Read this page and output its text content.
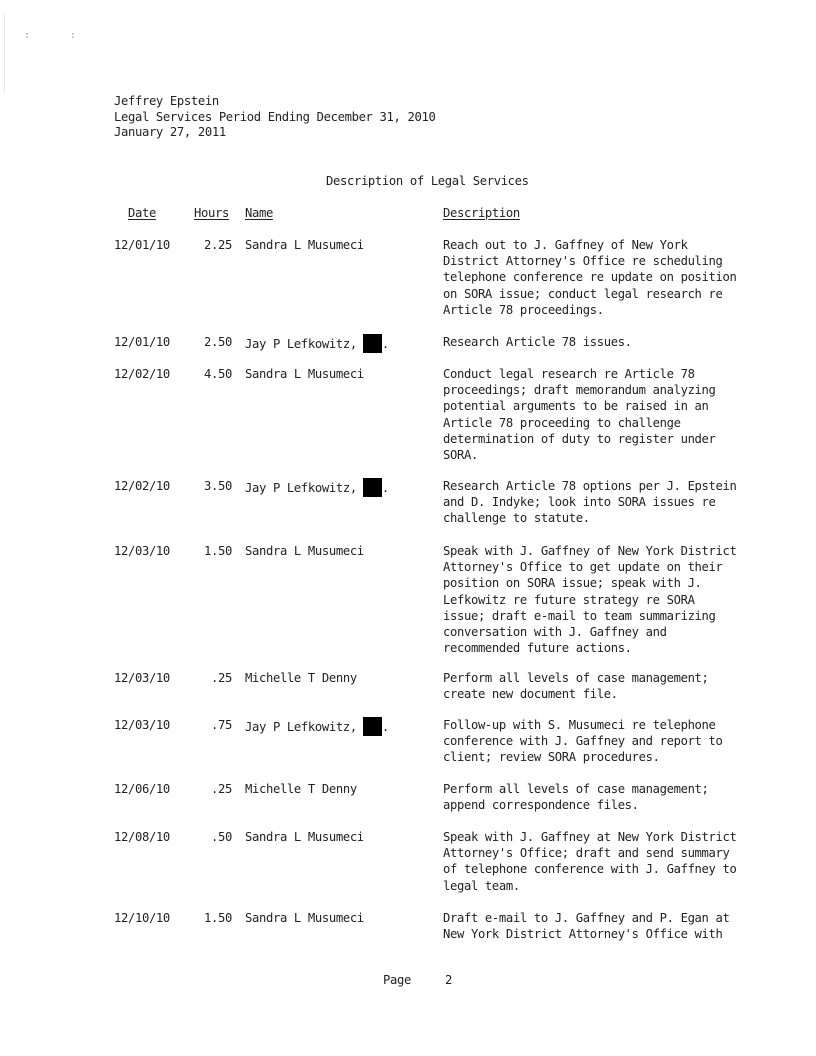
:	:
Jeffrey Epstein
Legal Services Period Ending December 31, 2010
January 27, 2011
Description of Legal Services
Date	Hours Name	Description
12/01/10	2.25 Sandra L Musumeci	Reach out to J. Gaffney of New York
District Attorney's Office re scheduling
telephone conference re update on position
on SORA issue; conduct legal research re
Article 78 proceedings.
12/01/10	2.50 Jay P Lefkowitz, .	Research Article 78 issues.
12/02/10	4.50 Sandra L Musumeci	Conduct legal research re Article 78
proceedings; draft memorandum analyzing
potential arguments to be raised in an
Article 78 proceeding to challenge
determination of duty to register under
SORA.
12/02/10	3.50 Jay P Lefkowitz, .	Research Article 78 options per J. Epstein
and D. Indyke; look into SORA issues re
challenge to statute.
12/03/10	1.50 Sandra L Musumeci	Speak with J. Gaffney of New York District
Attorney's Office to get update on their
position on SORA issue; speak with J.
Lefkowitz re future strategy re SORA
issue; draft e-mail to team summarizing
conversation with J. Gaffney and
recommended future actions.
12/03/10	.25 Michelle T Denny	Perform all levels of case management;
create new document file.
12/03/10	.75 Jay P Lefkowitz, .	Follow-up with S. Musumeci re telephone
conference with J. Gaffney and report to
client; review SORA procedures.
12/06/10	.25 Michelle T Denny	Perform all levels of case management;
append correspondence files.
12/08/10	.50 Sandra L Musumeci	Speak with J. Gaffney at New York District
Attorney's Office; draft and send summary
of telephone conference with J. Gaffney to
legal team.
12/10/10	1.50 Sandra L Musumeci	Draft e-mail to J. Gaffney and P. Egan at
New York District Attorney's Office with
Page	2
